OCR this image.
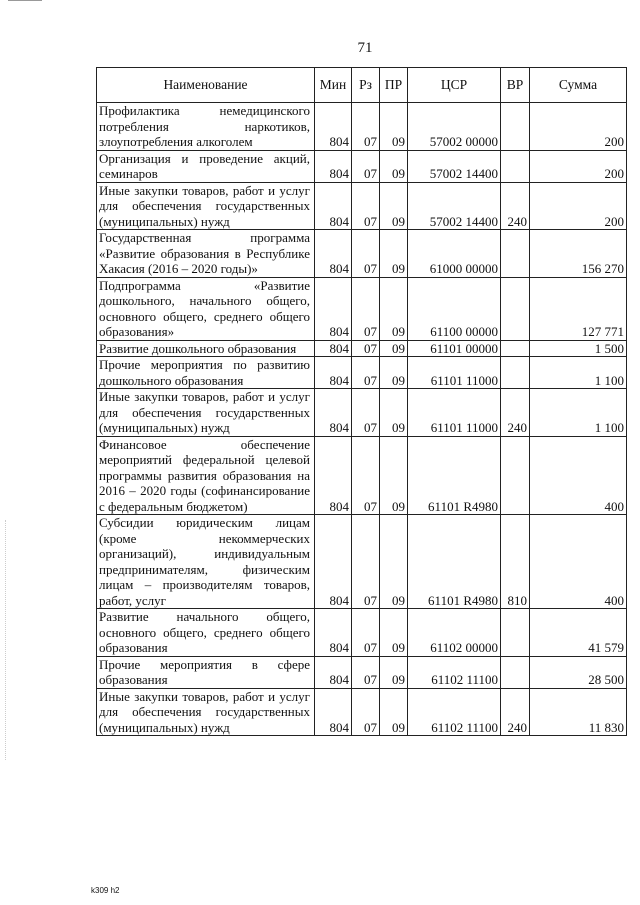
71
Наименование	Мин	Рз	ПР	ЦСР	ВР	Сумма
Профилактика немедицинского потребления наркотиков, злоупотребления алкоголем	804	07	09	57002 00000		200
Организация и проведение акций, семинаров	804	07	09	57002 14400		200
Иные закупки товаров, работ и услуг для обеспечения государственных (муниципальных) нужд	804	07	09	57002 14400	240	200
Государственная программа «Развитие образования в Республике Хакасия (2016 – 2020 годы)»	804	07	09	61000 00000		156 270
Подпрограмма «Развитие дошкольного, начального общего, основного общего, среднего общего образования»	804	07	09	61100 00000		127 771
Развитие дошкольного образования	804	07	09	61101 00000		1 500
Прочие мероприятия по развитию дошкольного образования	804	07	09	61101 11000		1 100
Иные закупки товаров, работ и услуг для обеспечения государственных (муниципальных) нужд	804	07	09	61101 11000	240	1 100
Финансовое обеспечение мероприятий федеральной целевой программы развития образования на 2016 – 2020 годы (софинансирование с федеральным бюджетом)	804	07	09	61101 R4980		400
Субсидии юридическим лицам (кроме некоммерческих организаций), индивидуальным предпринимателям, физическим лицам – производителям товаров, работ, услуг	804	07	09	61101 R4980	810	400
Развитие начального общего, основного общего, среднего общего образования	804	07	09	61102 00000		41 579
Прочие мероприятия в сфере образования	804	07	09	61102 11100		28 500
Иные закупки товаров, работ и услуг для обеспечения государственных (муниципальных) нужд	804	07	09	61102 11100	240	11 830
k309 h2
